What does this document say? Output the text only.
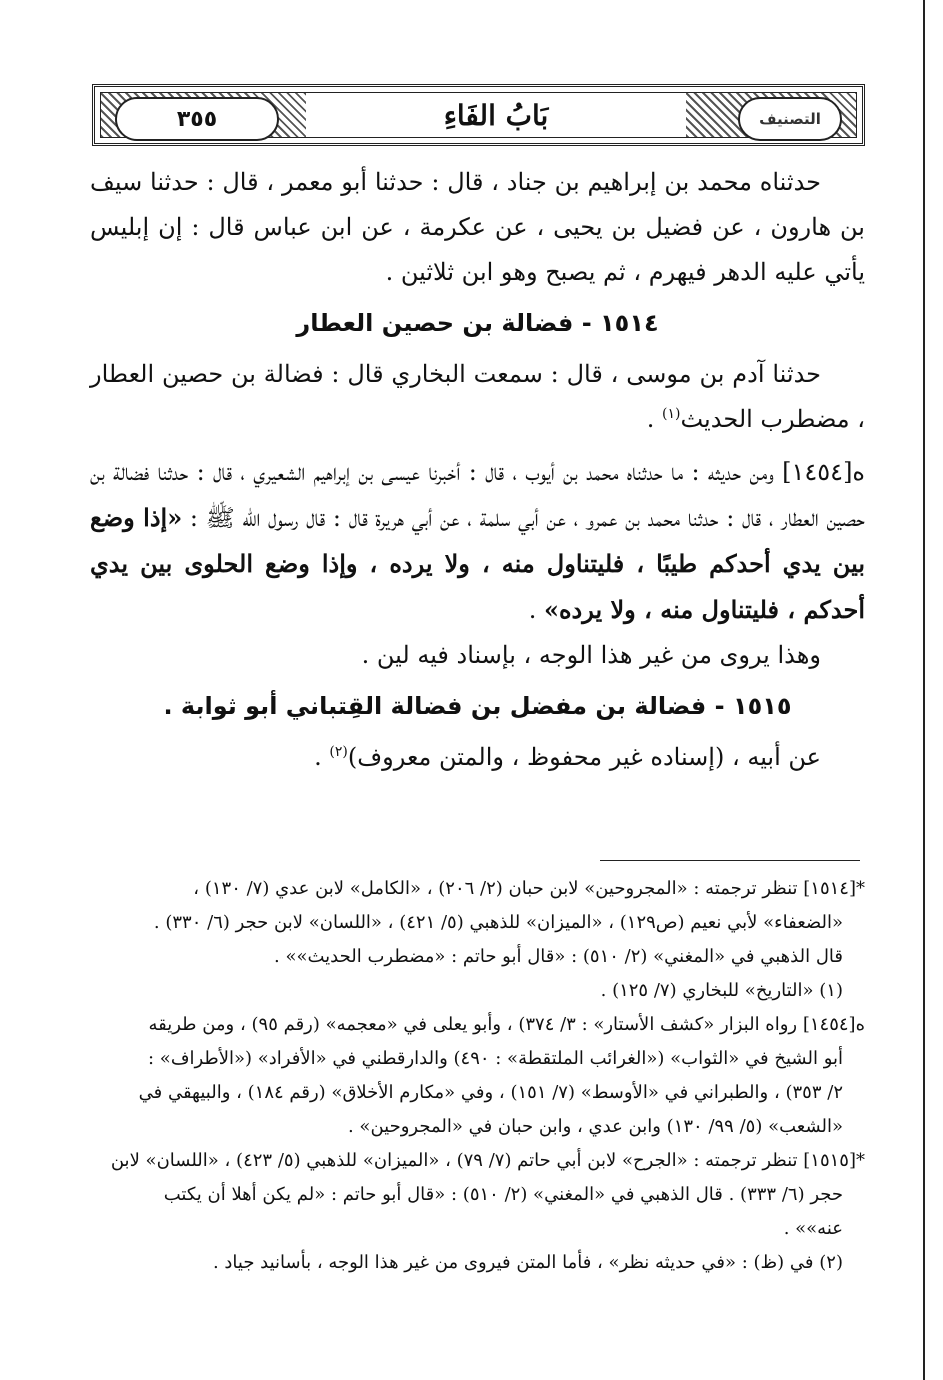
٣٥٥	بَابُ الفَاءِ	التصنيف

حدثناه محمد بن إبراهيم بن جناد ، قال : حدثنا أبو معمر ، قال : حدثنا سيف بن هارون ، عن فضيل بن يحيى ، عن عكرمة ، عن ابن عباس قال : إن إبليس يأتي عليه الدهر فيهرم ، ثم يصبح وهو ابن ثلاثين .

١٥١٤ - فضالة بن حصين العطار

حدثنا آدم بن موسى ، قال : سمعت البخاري قال : فضالة بن حصين العطار ، مضطرب الحديث$^{(١)}$ .

ه[١٤٥٤] ومن حديثه : ما حدثناه محمد بن أيوب ، قال : أخبرنا عيسى بن إبراهيم الشعيري ، قال : حدثنا فضالة بن حصين العطار ، قال : حدثنا محمد بن عمرو ، عن أبي سلمة ، عن أبي هريرة قال : قال رسول الله ﷺ : «إذا وضع بين يدي أحدكم طيبًا ، فليتناول منه ، ولا يرده ، وإذا وضع الحلوى بين يدي أحدكم ، فليتناول منه ، ولا يرده» .

وهذا يروى من غير هذا الوجه ، بإسناد فيه لين .

١٥١٥ - فضالة بن مفضل بن فضالة القِتباني أبو ثوابة .

عن أبيه ، (إسناده غير محفوظ ، والمتن معروف)$^{(٢)}$ .

*[١٥١٤] تنظر ترجمته : «المجروحين» لابن حبان (٢/ ٢٠٦) ، «الكامل» لابن عدي (٧/ ١٣٠) ،

«الضعفاء» لأبي نعيم (ص١٢٩) ، «الميزان» للذهبي (٥/ ٤٢١) ، «اللسان» لابن حجر (٦/ ٣٣٠) .

قال الذهبي في «المغني» (٢/ ٥١٠) : «قال أبو حاتم : «مضطرب الحديث»» .

(١) «التاريخ» للبخاري (٧/ ١٢٥) .

ه[١٤٥٤] رواه البزار «كشف الأستار» : ٣/ ٣٧٤) ، وأبو يعلى في «معجمه» (رقم ٩٥) ، ومن طريقه

أبو الشيخ في «الثواب» («الغرائب الملتقطة» : ٤٩٠) والدارقطني في «الأفراد» («الأطراف» :

٢/ ٣٥٣) ، والطبراني في «الأوسط» (٧/ ١٥١) ، وفي «مكارم الأخلاق» (رقم ١٨٤) ، والبيهقي في

«الشعب» (٥/ ٩٩/ ١٣٠) وابن عدي ، وابن حبان في «المجروحين» .

*[١٥١٥] تنظر ترجمته : «الجرح» لابن أبي حاتم (٧/ ٧٩) ، «الميزان» للذهبي (٥/ ٤٢٣) ، «اللسان» لابن

حجر (٦/ ٣٣٣) . قال الذهبي في «المغني» (٢/ ٥١٠) : «قال أبو حاتم : «لم يكن أهلا أن يكتب

عنه»» .

(٢) في (ظ) : «في حديثه نظر» ، فأما المتن فيروى من غير هذا الوجه ، بأسانيد جياد .
